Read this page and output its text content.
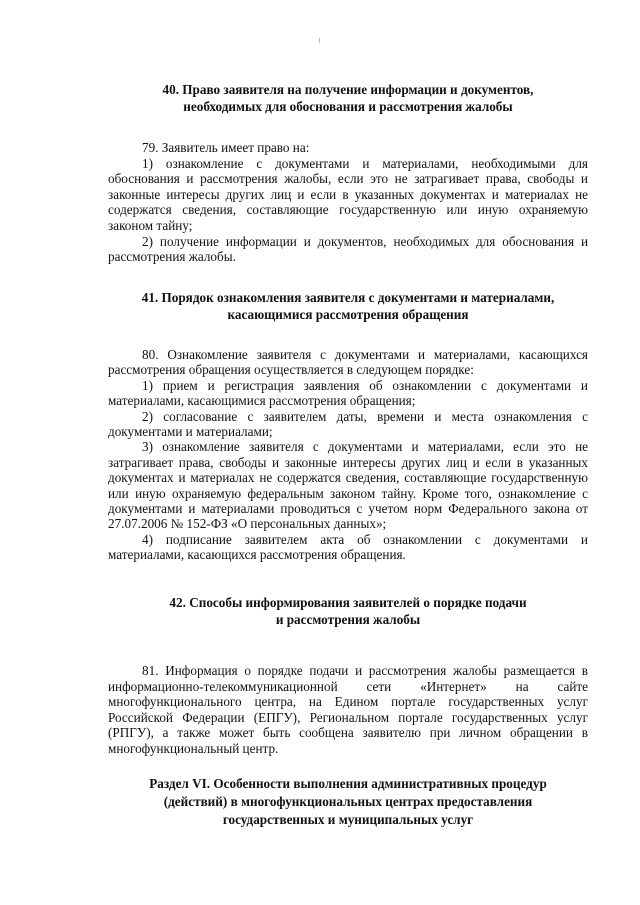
40. Право заявителя на получение информации и документов,
необходимых для обоснования и рассмотрения жалобы

79. Заявитель имеет право на:

1) ознакомление с документами и материалами, необходимыми для обоснования и рассмотрения жалобы, если это не затрагивает права, свободы и законные интересы других лиц и если в указанных документах и материалах не содержатся сведения, составляющие государственную или иную охраняемую законом тайну;

2) получение информации и документов, необходимых для обоснования и рассмотрения жалобы.

41. Порядок ознакомления заявителя с документами и материалами,
касающимися рассмотрения обращения

80. Ознакомление заявителя с документами и материалами, касающихся рассмотрения обращения осуществляется в следующем порядке:

1) прием и регистрация заявления об ознакомлении с документами и материалами, касающимися рассмотрения обращения;

2) согласование с заявителем даты, времени и места ознакомления с документами и материалами;

3) ознакомление заявителя с документами и материалами, если это не затрагивает права, свободы и законные интересы других лиц и если в указанных документах и материалах не содержатся сведения, составляющие государственную или иную охраняемую федеральным законом тайну. Кроме того, ознакомление с документами и материалами проводиться с учетом норм Федерального закона от 27.07.2006 № 152-ФЗ «О персональных данных»;

4) подписание заявителем акта об ознакомлении с документами и материалами, касающихся рассмотрения обращения.

42. Способы информирования заявителей о порядке подачи
и рассмотрения жалобы

81. Информация о порядке подачи и рассмотрения жалобы размещается в информационно-телекоммуникационной сети «Интернет» на сайте многофункционального центра, на Едином портале государственных услуг Российской Федерации (ЕПГУ), Региональном портале государственных услуг (РПГУ), а также может быть сообщена заявителю при личном обращении в многофункциональный центр.

Раздел VI. Особенности выполнения административных процедур
(действий) в многофункциональных центрах предоставления
государственных и муниципальных услуг
